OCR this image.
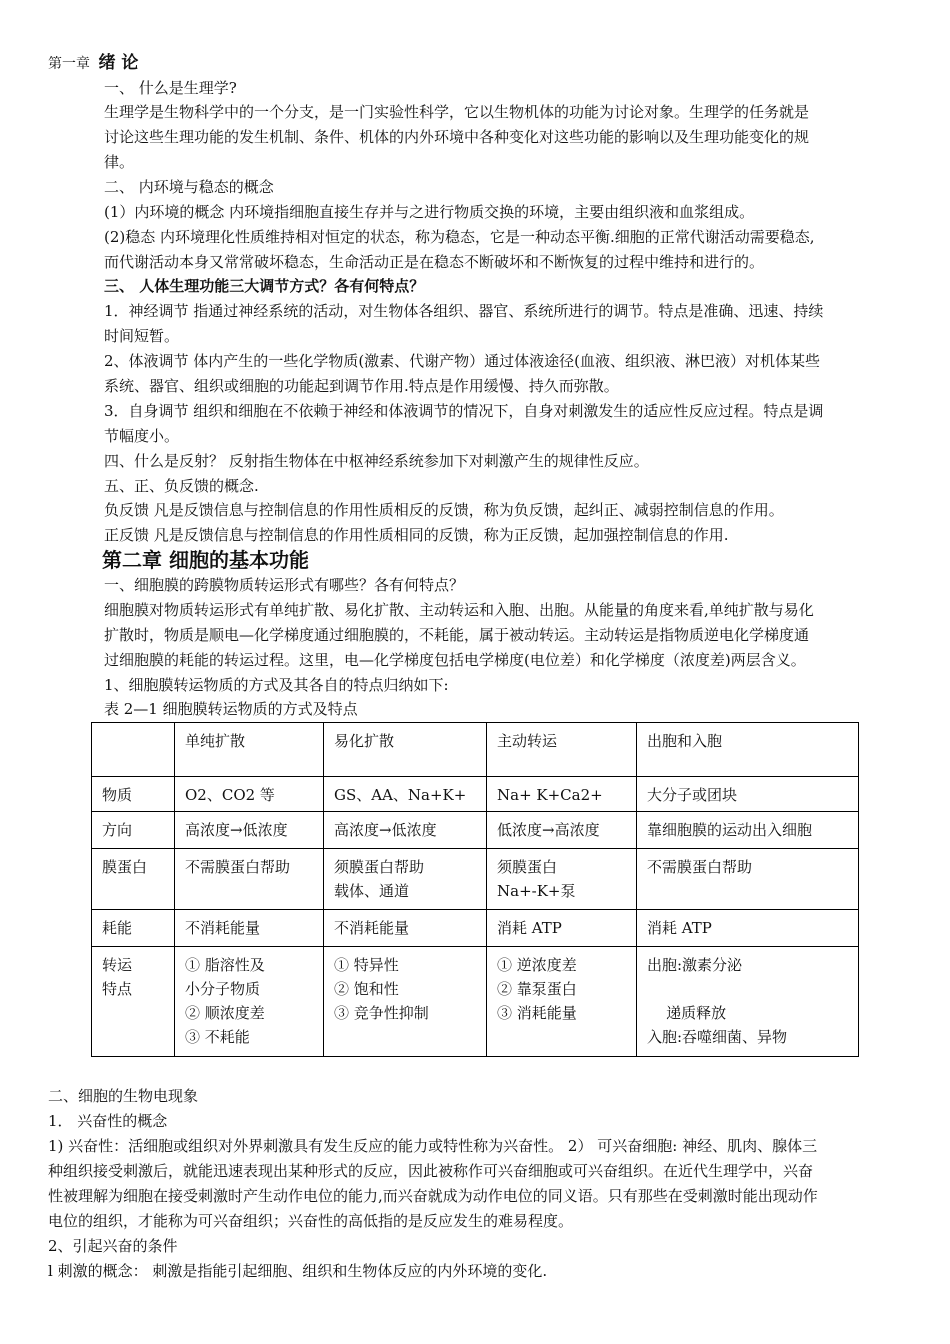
第一章 绪 论
一、 什么是生理学?
生理学是生物科学中的一个分支，是一门实验性科学，它以生物机体的功能为讨论对象。生理学的任务就是
讨论这些生理功能的发生机制、条件、机体的内外环境中各种变化对这些功能的影响以及生理功能变化的规
律。
二、 内环境与稳态的概念
(1）内环境的概念 内环境指细胞直接生存并与之进行物质交换的环境，主要由组织液和血浆组成。
(2)稳态 内环境理化性质维持相对恒定的状态，称为稳态，它是一种动态平衡.细胞的正常代谢活动需要稳态,
而代谢活动本身又常常破坏稳态，生命活动正是在稳态不断破坏和不断恢复的过程中维持和进行的。
三、 人体生理功能三大调节方式？各有何特点？
1．神经调节 指通过神经系统的活动，对生物体各组织、器官、系统所进行的调节。特点是准确、迅速、持续
时间短暂。
2、体液调节 体内产生的一些化学物质(激素、代谢产物）通过体液途径(血液、组织液、淋巴液）对机体某些
系统、器官、组织或细胞的功能起到调节作用.特点是作用缓慢、持久而弥散。
3．自身调节 组织和细胞在不依赖于神经和体液调节的情况下，自身对刺激发生的适应性反应过程。特点是调
节幅度小。
四、什么是反射？ 反射指生物体在中枢神经系统参加下对刺激产生的规律性反应。
五、正、负反馈的概念.
负反馈 凡是反馈信息与控制信息的作用性质相反的反馈，称为负反馈，起纠正、减弱控制信息的作用。
正反馈 凡是反馈信息与控制信息的作用性质相同的反馈，称为正反馈，起加强控制信息的作用.
第二章 细胞的基本功能
一、细胞膜的跨膜物质转运形式有哪些？各有何特点？
细胞膜对物质转运形式有单纯扩散、易化扩散、主动转运和入胞、出胞。从能量的角度来看,单纯扩散与易化
扩散时，物质是顺电—化学梯度通过细胞膜的，不耗能，属于被动转运。主动转运是指物质逆电化学梯度通
过细胞膜的耗能的转运过程。这里，电—化学梯度包括电学梯度(电位差）和化学梯度（浓度差)两层含义。
1、细胞膜转运物质的方式及其各自的特点归纳如下:
表 2—1 细胞膜转运物质的方式及特点

	单纯扩散	易化扩散	主动转运	出胞和入胞

物质	O2、CO2 等	GS、AA、Na+K+	Na+ K+Ca2+	大分子或团块

方向	高浓度→低浓度	高浓度→低浓度	低浓度→高浓度	靠细胞膜的运动出入细胞

膜蛋白	不需膜蛋白帮助	须膜蛋白帮助
载体、通道	须膜蛋白
Na+-K+泵	不需膜蛋白帮助

耗能	不消耗能量	不消耗能量	消耗 ATP	消耗 ATP

转运
特点	① 脂溶性及
小分子物质
② 顺浓度差
③ 不耗能	① 特异性
② 饱和性
③ 竞争性抑制	① 逆浓度差
② 靠泵蛋白
③ 消耗能量	出胞:激素分泌
递质释放
入胞:吞噬细菌、异物
二、细胞的生物电现象
1． 兴奋性的概念
1) 兴奋性：活细胞或组织对外界刺激具有发生反应的能力或特性称为兴奋性。 2） 可兴奋细胞: 神经、肌肉、腺体三
种组织接受刺激后，就能迅速表现出某种形式的反应，因此被称作可兴奋细胞或可兴奋组织。在近代生理学中，兴奋
性被理解为细胞在接受刺激时产生动作电位的能力,而兴奋就成为动作电位的同义语。只有那些在受刺激时能出现动作
电位的组织，才能称为可兴奋组织；兴奋性的高低指的是反应发生的难易程度。
2、引起兴奋的条件
l 刺激的概念： 刺激是指能引起细胞、组织和生物体反应的内外环境的变化.
